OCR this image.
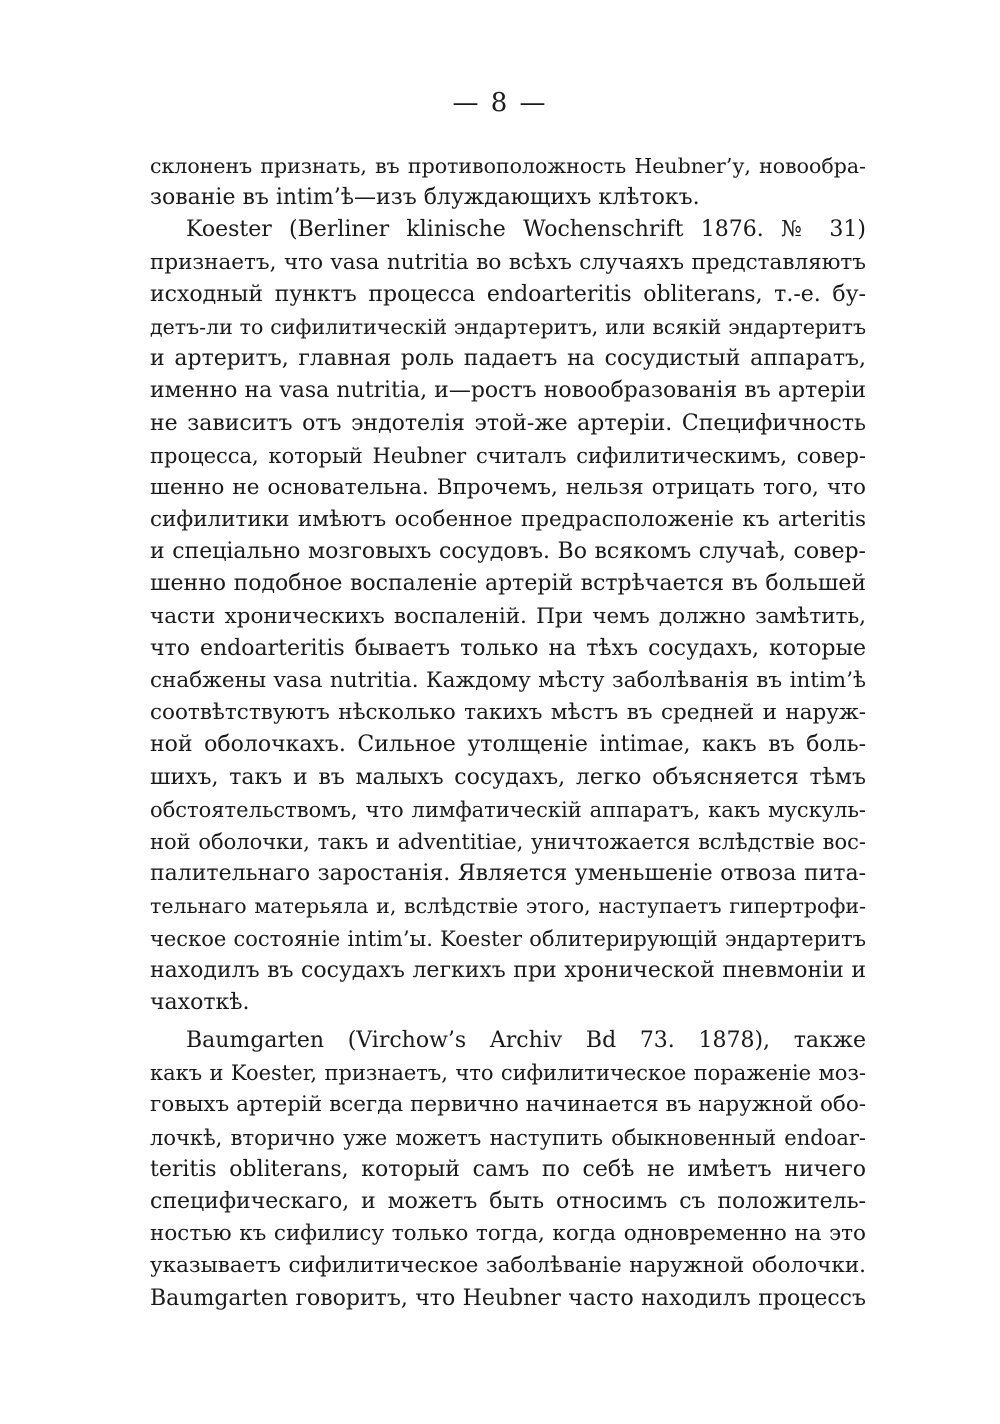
— 8 —
склоненъ признать, въ противоположность Heubner’у, новообра-
зованіе въ intim’ѣ—изъ блуждающихъ клѣтокъ.
Koester (Berliner klinische Wochenschrift 1876. № 31)
признаетъ, что vasa nutritia во всѣхъ случаяхъ представляютъ
исходный пунктъ процесса endoarteritis obliterans, т.-е. бу-
детъ-ли то сифилитическій эндартеритъ, или всякій эндартеритъ
и артеритъ, главная роль падаетъ на сосудистый аппаратъ,
именно на vasa nutritia, и—ростъ новообразованія въ артеріи
не зависитъ отъ эндотелія этой-же артеріи. Специфичность
процесса, который Heubner считалъ сифилитическимъ, совер-
шенно не основательна. Впрочемъ, нельзя отрицать того, что
сифилитики имѣютъ особенное предрасположеніе къ arteritis
и спеціально мозговыхъ сосудовъ. Во всякомъ случаѣ, совер-
шенно подобное воспаленіе артерій встрѣчается въ большей
части хроническихъ воспаленій. При чемъ должно замѣтить,
что endoarteritis бываетъ только на тѣхъ сосудахъ, которые
снабжены vasa nutritia. Каждому мѣсту заболѣванія въ intim’ѣ
соотвѣтствуютъ нѣсколько такихъ мѣстъ въ средней и наруж-
ной оболочкахъ. Сильное утолщеніе intimae, какъ въ боль-
шихъ, такъ и въ малыхъ сосудахъ, легко объясняется тѣмъ
обстоятельствомъ, что лимфатическій аппаратъ, какъ мускуль-
ной оболочки, такъ и adventitiae, уничтожается вслѣдствіе вос-
палительнаго заростанія. Является уменьшеніе отвоза пита-
тельнаго матерьяла и, вслѣдствіе этого, наступаетъ гипертрофи-
ческое состояніе intim’ы. Koester облитерирующій эндартеритъ
находилъ въ сосудахъ легкихъ при хронической пневмоніи и
чахоткѣ.
Baumgarten (Virchow’s Archiv Bd 73. 1878), также
какъ и Koester, признаетъ, что сифилитическое пораженіе моз-
говыхъ артерій всегда первично начинается въ наружной обо-
лочкѣ, вторично уже можетъ наступить обыкновенный endoar-
teritis obliterans, который самъ по себѣ не имѣетъ ничего
специфическаго, и можетъ быть относимъ съ положитель-
ностью къ сифилису только тогда, когда одновременно на это
указываетъ сифилитическое заболѣваніе наружной оболочки.
Baumgarten говоритъ, что Heubner часто находилъ процессъ
